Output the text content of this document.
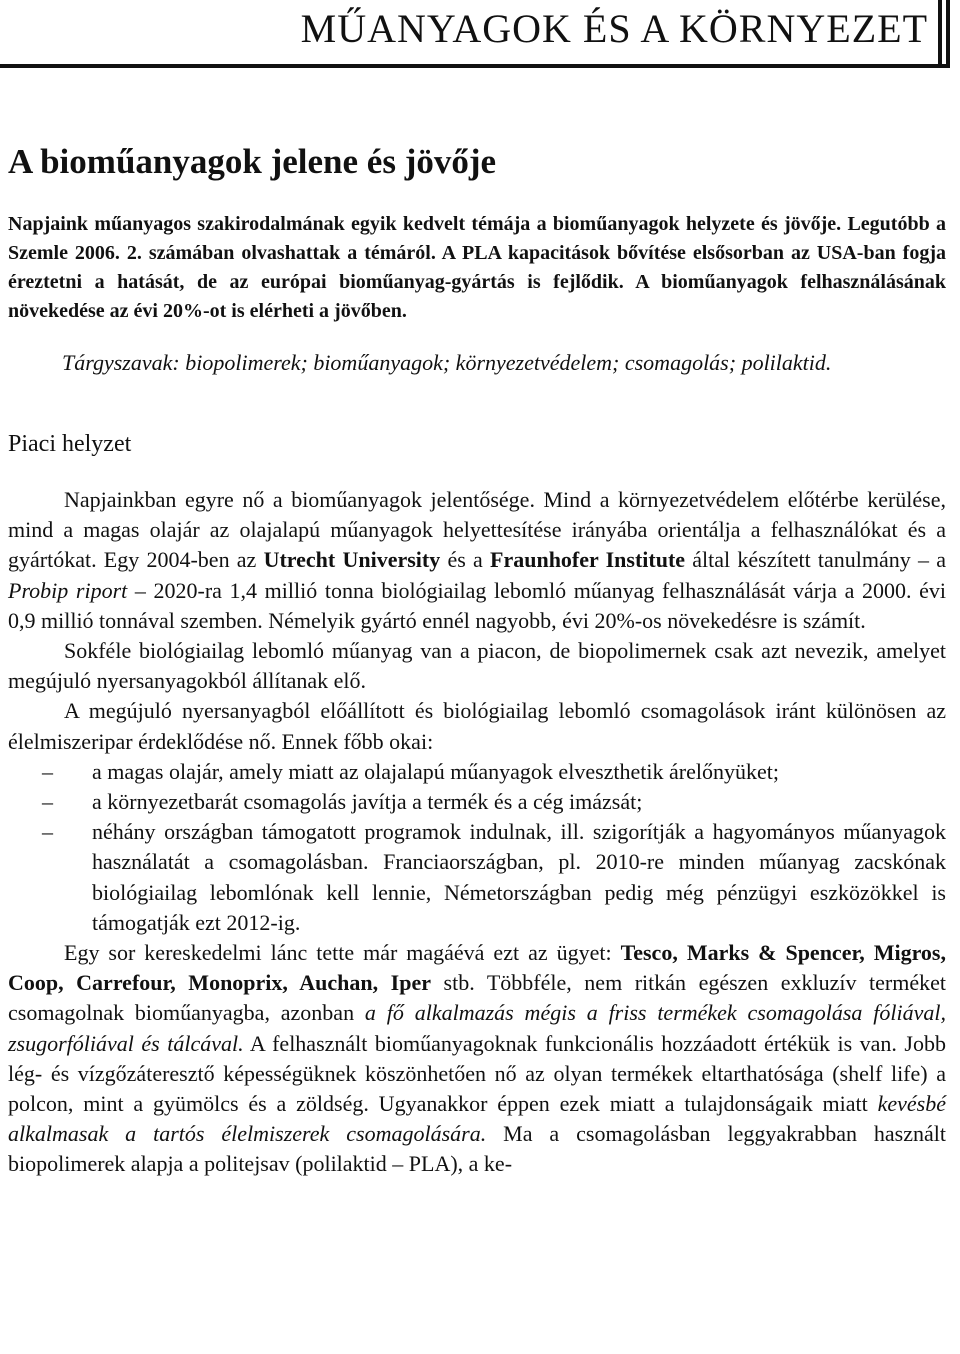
MŰANYAGOK ÉS A KÖRNYEZET
A bioműanyagok jelene és jövője

Napjaink műanyagos szakirodalmának egyik kedvelt témája a bioműanyagok helyzete és jövője. Legutóbb a Szemle 2006. 2. számában olvashattak a témáról. A PLA kapacitások bővítése elsősorban az USA-ban fogja éreztetni a hatását, de az európai bioműanyag-gyártás is fejlődik. A bioműanyagok felhasználásának növekedése az évi 20%-ot is elérheti a jövőben.

Tárgyszavak: biopolimerek; bioműanyagok; környezetvédelem; csomagolás; polilaktid.

Piaci helyzet

Napjainkban egyre nő a bioműanyagok jelentősége. Mind a környezetvédelem előtérbe kerülése, mind a magas olajár az olajalapú műanyagok helyettesítése irányába orientálja a felhasználókat és a gyártókat. Egy 2004-ben az Utrecht University és a Fraunhofer Institute által készített tanulmány – a Probip riport – 2020-ra 1,4 millió tonna biológiailag lebomló műanyag felhasználását várja a 2000. évi 0,9 millió tonnával szemben. Némelyik gyártó ennél nagyobb, évi 20%-os növekedésre is számít.

Sokféle biológiailag lebomló műanyag van a piacon, de biopolimernek csak azt nevezik, amelyet megújuló nyersanyagokból állítanak elő.

A megújuló nyersanyagból előállított és biológiailag lebomló csomagolások iránt különösen az élelmiszeripar érdeklődése nő. Ennek főbb okai:

– a magas olajár, amely miatt az olajalapú műanyagok elveszthetik árelőnyüket;
– a környezetbarát csomagolás javítja a termék és a cég imázsát;
– néhány országban támogatott programok indulnak, ill. szigorítják a hagyományos műanyagok használatát a csomagolásban. Franciaországban, pl. 2010-re minden műanyag zacskónak biológiailag lebomlónak kell lennie, Németországban pedig még pénzügyi eszközökkel is támogatják ezt 2012-ig.

Egy sor kereskedelmi lánc tette már magáévá ezt az ügyet: Tesco, Marks & Spencer, Migros, Coop, Carrefour, Monoprix, Auchan, Iper stb. Többféle, nem ritkán egészen exkluzív terméket csomagolnak bioműanyagba, azonban a fő alkalmazás mégis a friss termékek csomagolása fóliával, zsugorfóliával és tálcával. A felhasznált bioműanyagoknak funkcionális hozzáadott értékük is van. Jobb lég- és vízgőzáteresztő képességüknek köszönhetően nő az olyan termékek eltarthatósága (shelf life) a polcon, mint a gyümölcs és a zöldség. Ugyanakkor éppen ezek miatt a tulajdonságaik miatt kevésbé alkalmasak a tartós élelmiszerek csomagolására. Ma a csomagolásban leggyakrabban használt biopolimerek alapja a politejsav (polilaktid – PLA), a ke-
